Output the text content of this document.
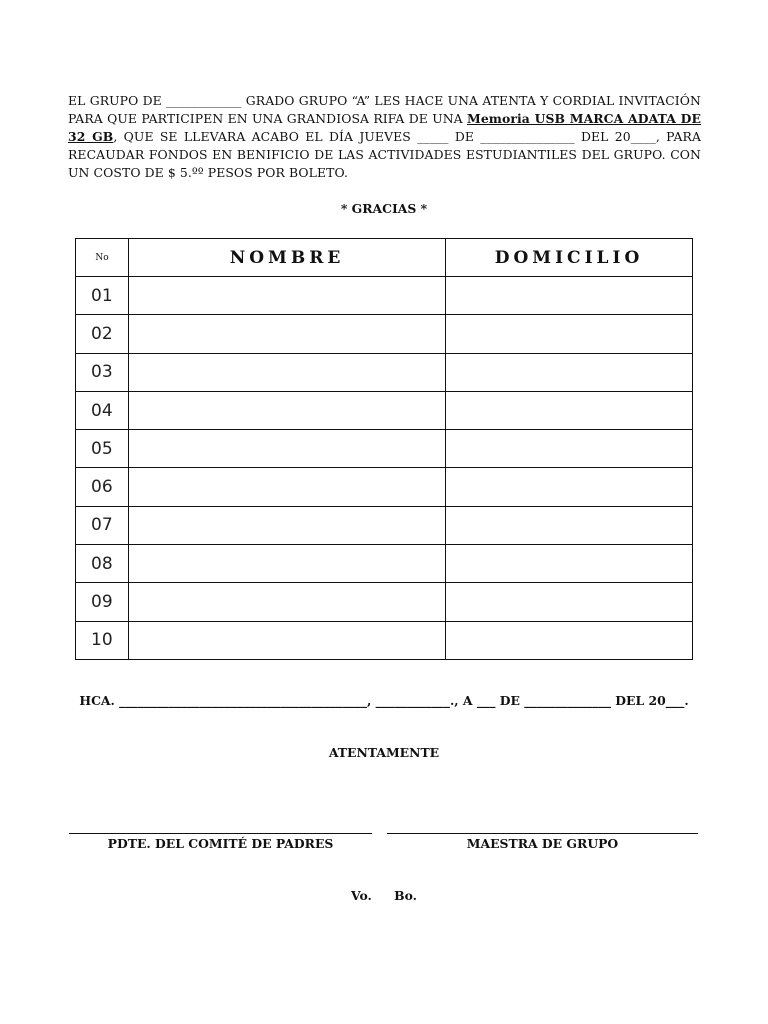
EL GRUPO DE ____________ GRADO GRUPO “A” LES HACE UNA ATENTA Y CORDIAL INVITACIÓN PARA QUE PARTICIPEN EN UNA GRANDIOSA RIFA DE UNA Memoria USB MARCA ADATA DE 32 GB, QUE SE LLEVARA ACABO EL DÍA JUEVES _____ DE _______________ DEL 20____, PARA RECAUDAR FONDOS EN BENIFICIO DE LAS ACTIVIDADES ESTUDIANTILES DEL GRUPO. CON UN COSTO DE $ 5.ºº PESOS POR BOLETO.
* GRACIAS *
No	NOMBRE	DOMICILIO
01		
02		
03		
04		
05		
06		
07		
08		
09		
10		
HCA. ________________________________________, ____________., A ___ DE ______________ DEL 20___.
ATENTAMENTE
PDTE. DEL COMITÉ DE PADRES	MAESTRA DE GRUPO
Vo. Bo.
